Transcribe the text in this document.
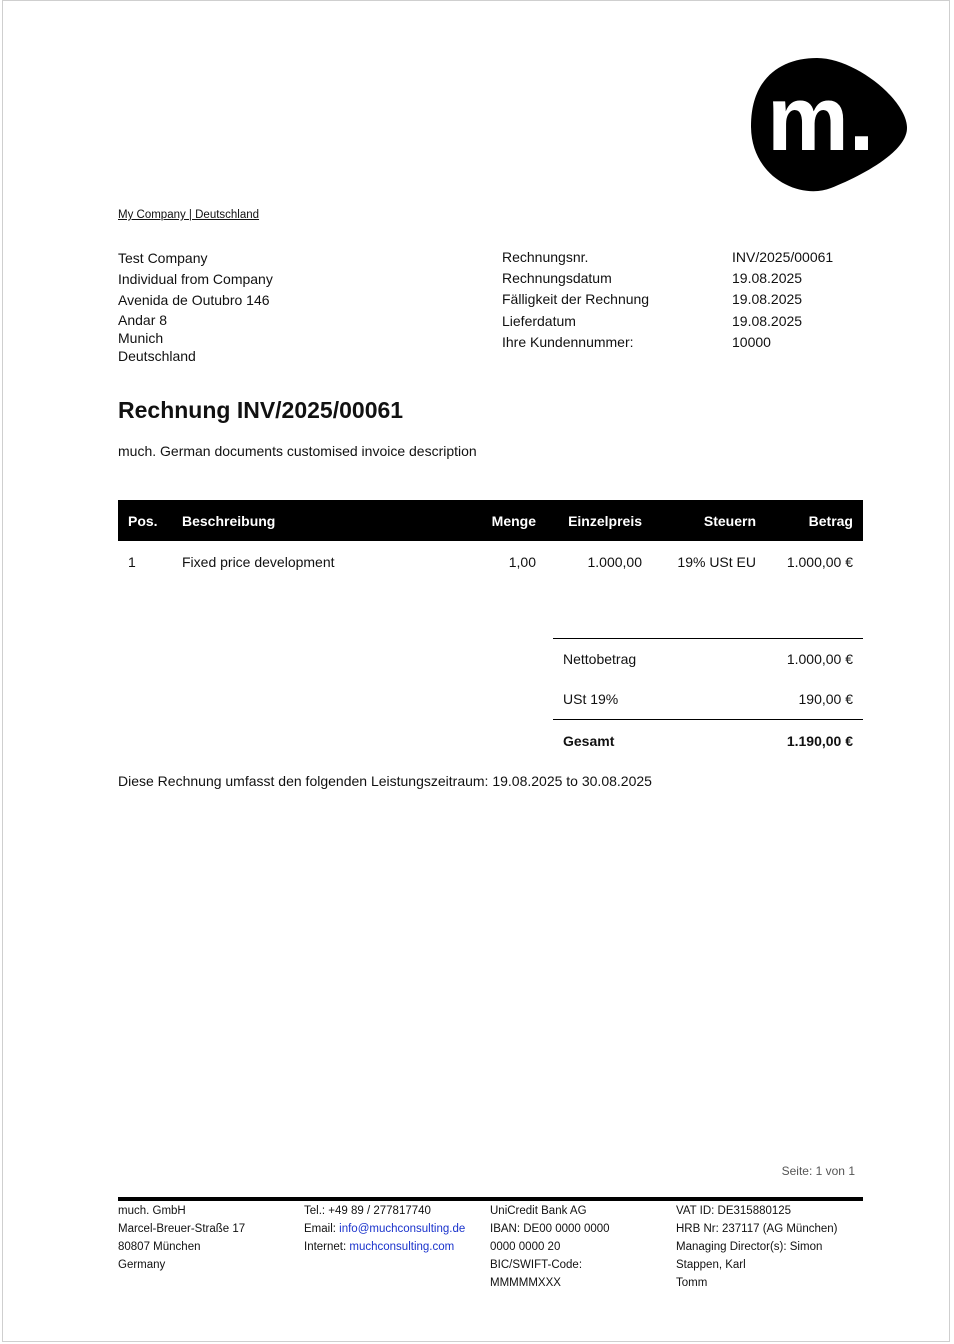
m.
My Company | Deutschland
Test Company
Individual from Company
Avenida de Outubro 146
Andar 8
Munich
Deutschland
Rechnungsnr.	INV/2025/00061
Rechnungsdatum	19.08.2025
Fälligkeit der Rechnung	19.08.2025
Lieferdatum	19.08.2025
Ihre Kundennummer:	10000
Rechnung INV/2025/00061
much. German documents customised invoice description
Pos.	Beschreibung	Menge	Einzelpreis	Steuern	Betrag
1	Fixed price development	1,00	1.000,00	19% USt EU	1.000,00 €
Nettobetrag	1.000,00 €
USt 19%	190,00 €
Gesamt	1.190,00 €
Diese Rechnung umfasst den folgenden Leistungszeitraum: 19.08.2025 to 30.08.2025
Seite: 1 von 1
much. GmbH
Marcel-Breuer-Straße 17
80807 München
Germany
Tel.: +49 89 / 277817740
Email: info@muchconsulting.de
Internet: muchconsulting.com
UniCredit Bank AG
IBAN: DE00 0000 0000
0000 0000 20
BIC/SWIFT-Code:
MMMMMXXX
VAT ID: DE315880125
HRB Nr: 237117 (AG München)
Managing Director(s): Simon
Stappen, Karl
Tomm
